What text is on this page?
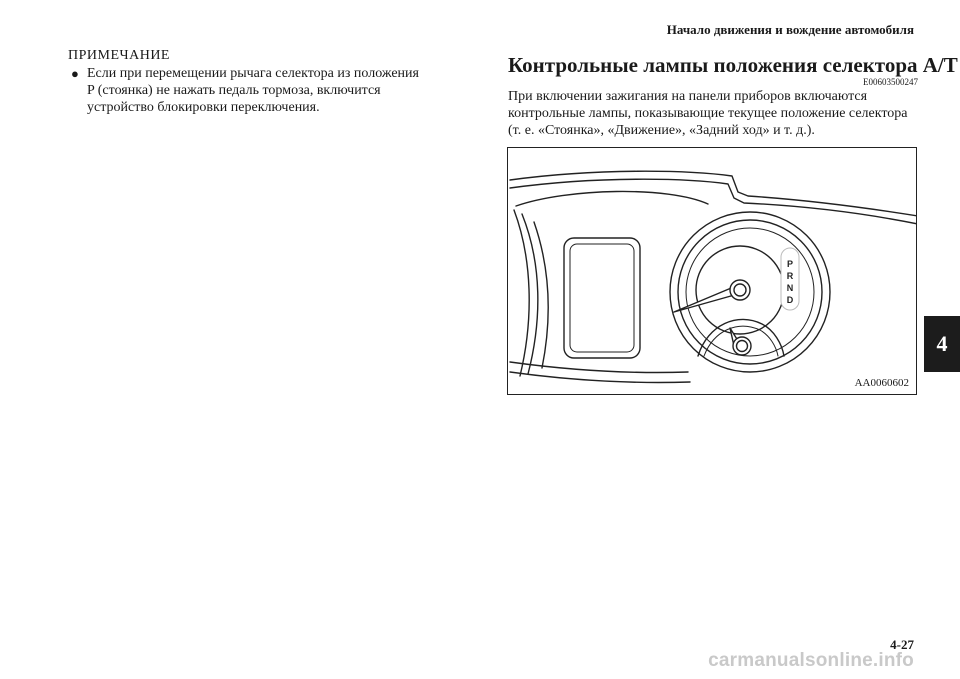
Начало движения и вождение автомобиля
ПРИМЕЧАНИЕ
● Если при перемещении рычага селектора из положения
P (стоянка) не нажать педаль тормоза, включится
устройство блокировки переключения.
Контрольные лампы положения селектора A/T
E00603500247
При включении зажигания на панели приборов включаются
контрольные лампы, показывающие текущее положение селектора
(т. е. «Стоянка», «Движение», «Задний ход» и т. д.).
P
R
N
D
AA0060602
4
4-27
carmanualsonline.info
